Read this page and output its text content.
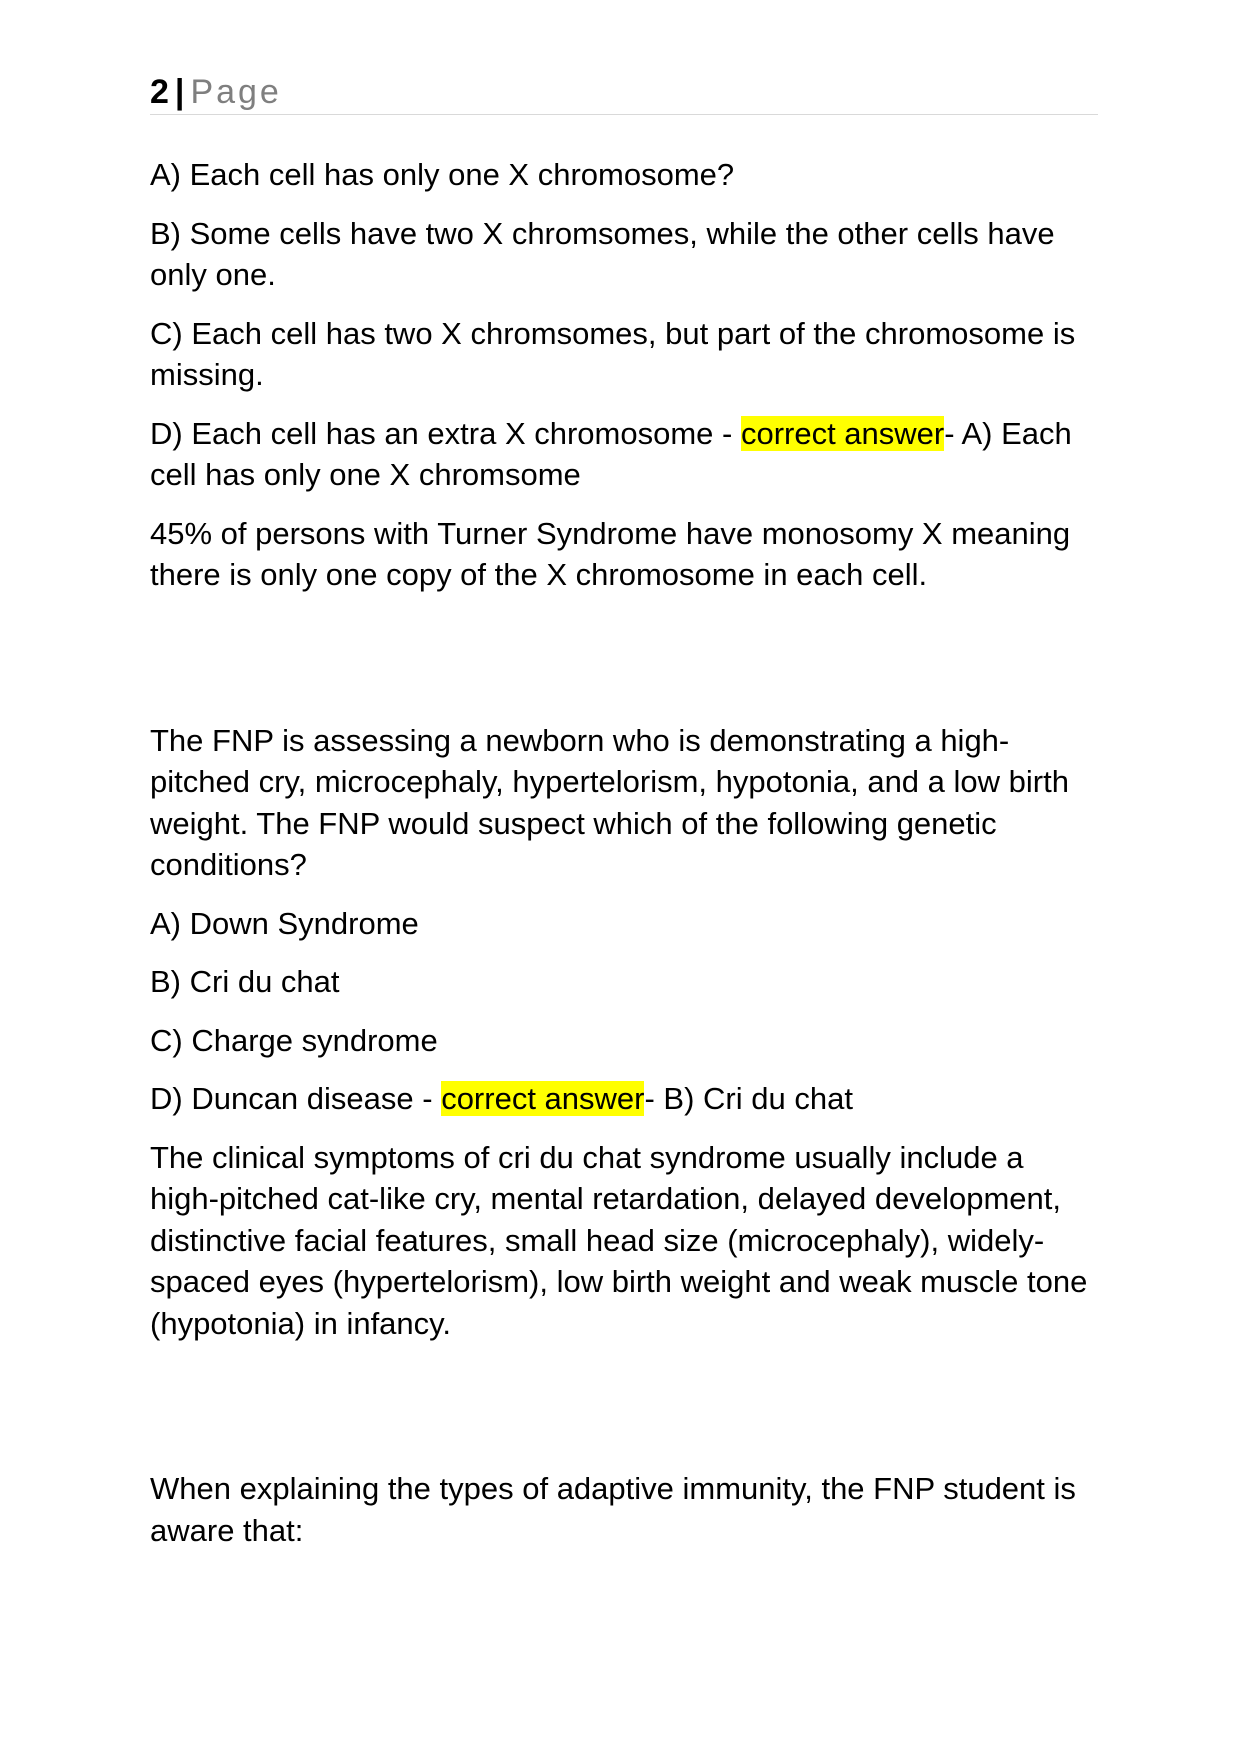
2 | Page

A) Each cell has only one X chromosome?

B) Some cells have two X chromsomes, while the other cells have only one.

C) Each cell has two X chromsomes, but part of the chromosome is missing.

D) Each cell has an extra X chromosome - correct answer- A) Each cell has only one X chromsome

45% of persons with Turner Syndrome have monosomy X meaning there is only one copy of the X chromosome in each cell.

The FNP is assessing a newborn who is demonstrating a high-pitched cry, microcephaly, hypertelorism, hypotonia, and a low birth weight. The FNP would suspect which of the following genetic conditions?

A) Down Syndrome

B) Cri du chat

C) Charge syndrome

D) Duncan disease - correct answer- B) Cri du chat

The clinical symptoms of cri du chat syndrome usually include a high-pitched cat-like cry, mental retardation, delayed development, distinctive facial features, small head size (microcephaly), widely-spaced eyes (hypertelorism), low birth weight and weak muscle tone (hypotonia) in infancy.

When explaining the types of adaptive immunity, the FNP student is aware that:
